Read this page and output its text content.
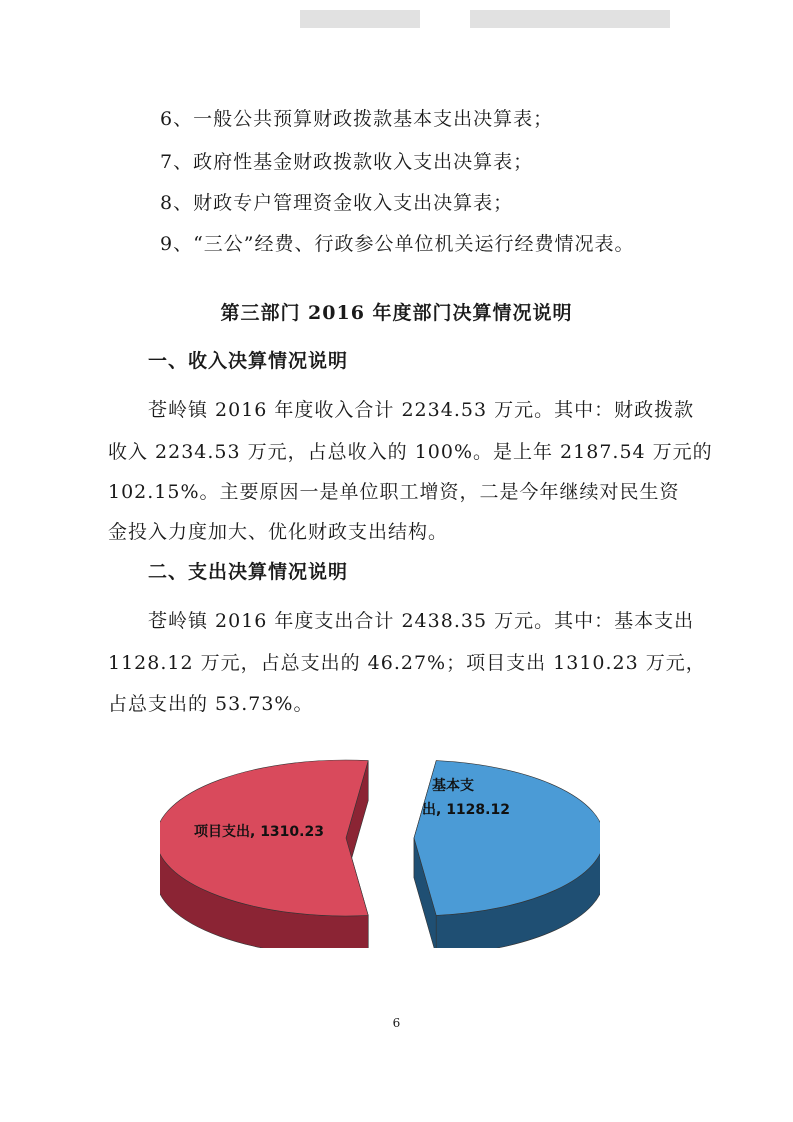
6、一般公共预算财政拨款基本支出决算表；
7、政府性基金财政拨款收入支出决算表；
8、财政专户管理资金收入支出决算表；
9、“三公”经费、行政参公单位机关运行经费情况表。
第三部门 2016 年度部门决算情况说明
一、收入决算情况说明
苍岭镇 2016 年度收入合计 2234.53 万元。其中：财政拨款
收入 2234.53 万元，占总收入的 100%。是上年 2187.54 万元的
102.15%。主要原因一是单位职工增资，二是今年继续对民生资
金投入力度加大、优化财政支出结构。
二、支出决算情况说明
苍岭镇 2016 年度支出合计 2438.35 万元。其中：基本支出
1128.12 万元，占总支出的 46.27%；项目支出 1310.23 万元，
占总支出的 53.73%。
项目支出, 1310.23
基本支
出, 1128.12
6
